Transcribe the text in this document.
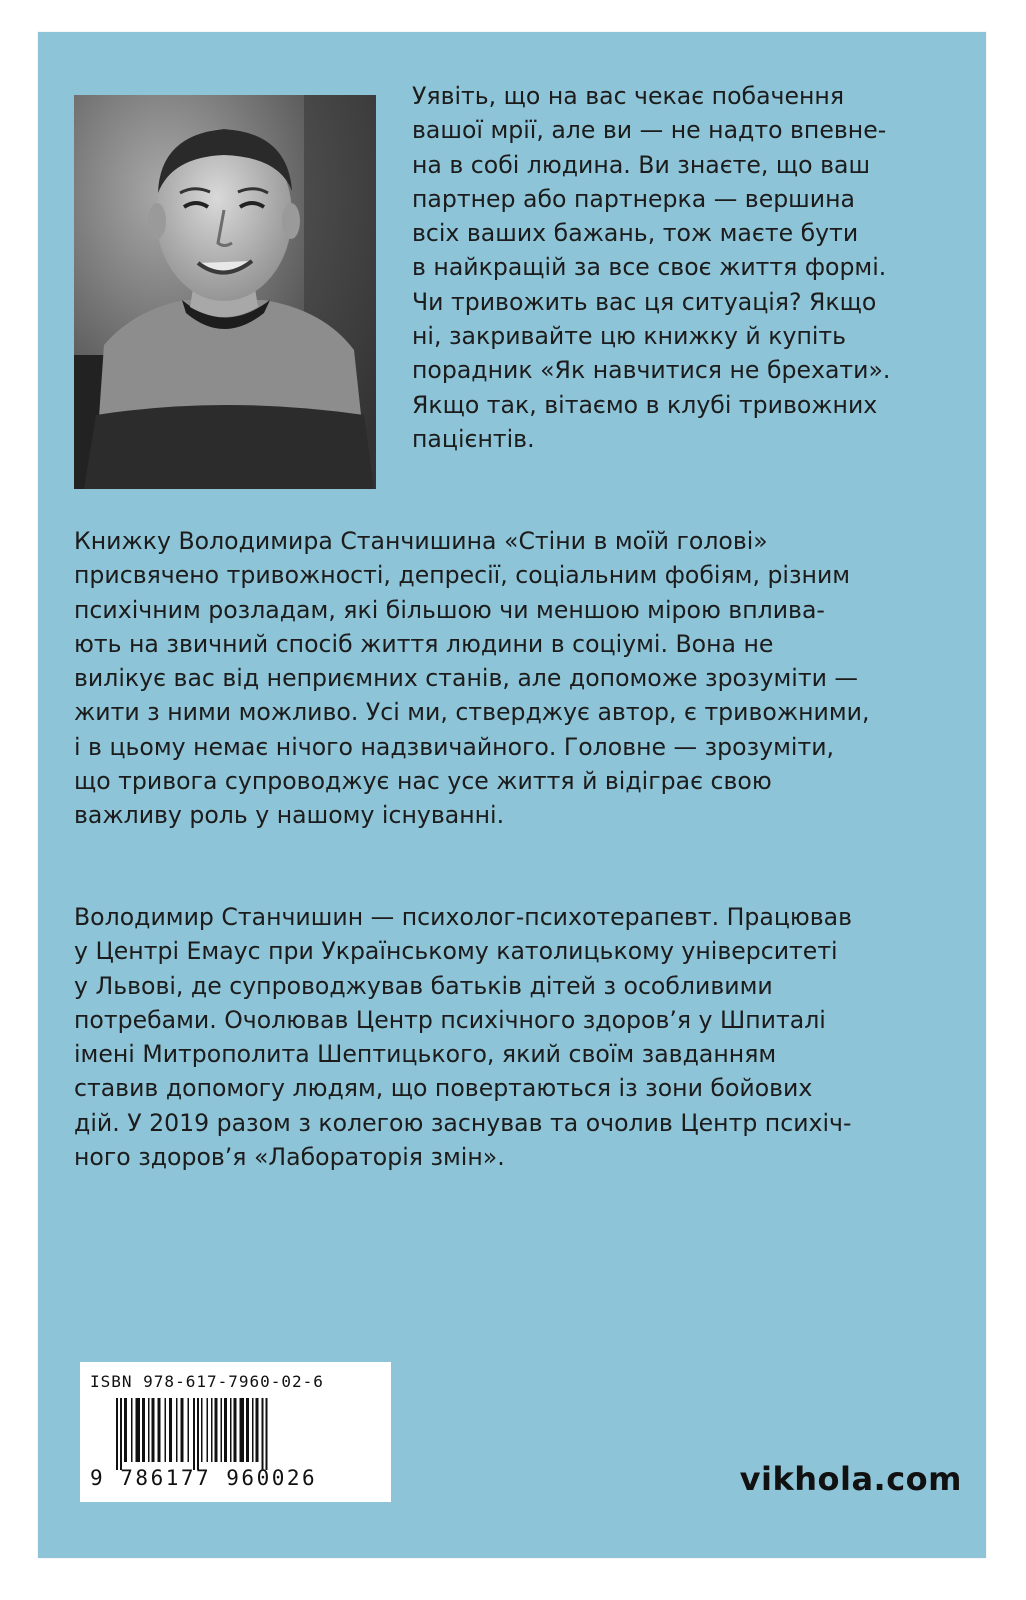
Уявіть, що на вас чекає побачення
вашої мрії, але ви — не надто впевне-
на в собі людина. Ви знаєте, що ваш
партнер або партнерка — вершина
всіх ваших бажань, тож маєте бути
в найкращій за все своє життя формі.
Чи тривожить вас ця ситуація? Якщо
ні, закривайте цю книжку й купіть
порадник «Як навчитися не брехати».
Якщо так, вітаємо в клубі тривожних
пацієнтів.

Книжку Володимира Станчишина «Стіни в моїй голові»
присвячено тривожності, депресії, соціальним фобіям, різним
психічним розладам, які більшою чи меншою мірою вплива-
ють на звичний спосіб життя людини в соціумі. Вона не
вилікує вас від неприємних станів, але допоможе зрозуміти —
жити з ними можливо. Усі ми, стверджує автор, є тривожними,
і в цьому немає нічого надзвичайного. Головне — зрозуміти,
що тривога супроводжує нас усе життя й відіграє свою
важливу роль у нашому існуванні.

Володимир Станчишин — психолог-психотерапевт. Працював
у Центрі Емаус при Українському католицькому університеті
у Львові, де супроводжував батьків дітей з особливими
потребами. Очолював Центр психічного здоров’я у Шпиталі
імені Митрополита Шептицького, який своїм завданням
ставив допомогу людям, що повертаються із зони бойових
дій. У 2019 разом з колегою заснував та очолив Центр психіч-
ного здоров’я «Лабораторія змін».

ISBN 978-617-7960-02-6
9 786177 960026	vikhola.com
